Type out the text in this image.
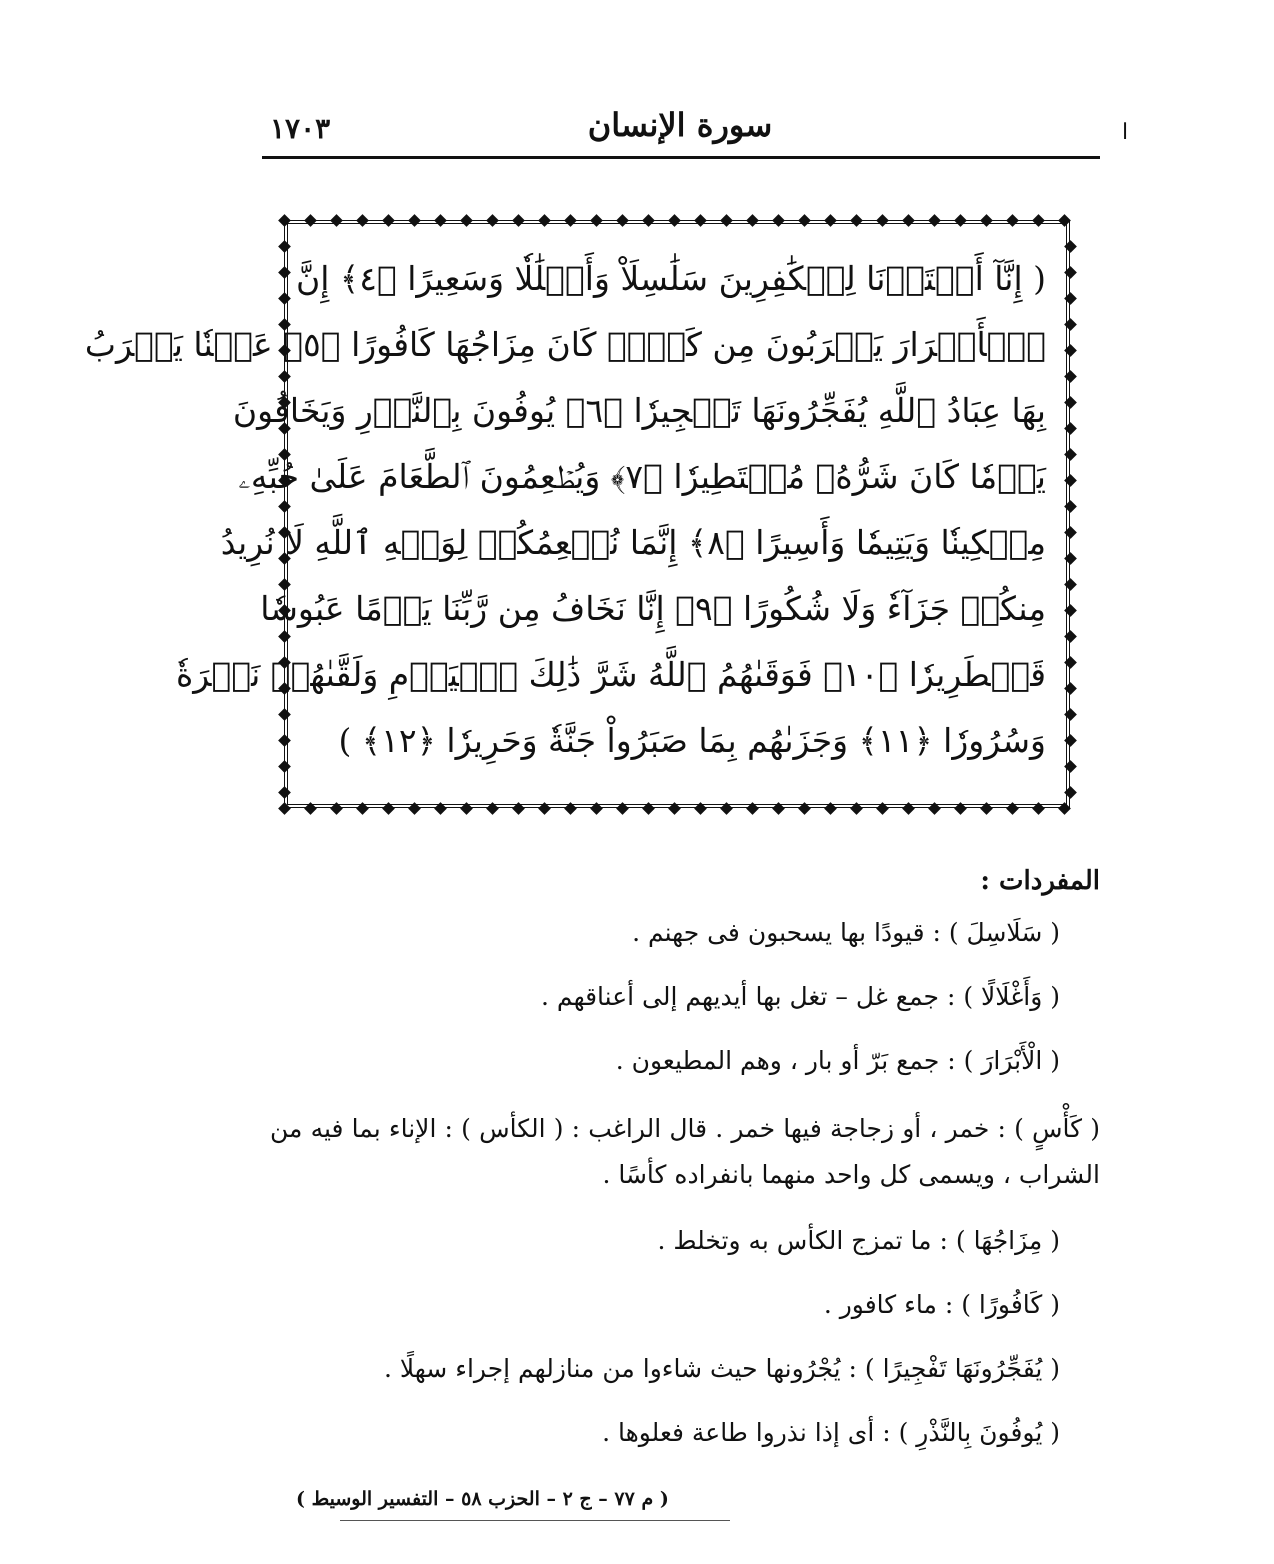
١٧٠٣	سورة الإنسان	ا
( إِنَّآ أَعۡتَدۡنَا لِلۡكَٰفِرِينَ سَلَٰسِلَاْ وَأَغۡلَٰلٗا وَسَعِيرًا ﴿٤﴾ إِنَّ
ٱلۡأَبۡرَارَ يَشۡرَبُونَ مِن كَأۡسٖ كَانَ مِزَاجُهَا كَافُورًا ﴿٥﴾ عَيۡنٗا يَشۡرَبُ
بِهَا عِبَادُ ٱللَّهِ يُفَجِّرُونَهَا تَفۡجِيرٗا ﴿٦﴾ يُوفُونَ بِٱلنَّذۡرِ وَيَخَافُونَ
يَوۡمٗا كَانَ شَرُّهُۥ مُسۡتَطِيرٗا ﴿٧﴾ وَيُطۡعِمُونَ ٱلطَّعَامَ عَلَىٰ حُبِّهِۦ
مِسۡكِينٗا وَيَتِيمٗا وَأَسِيرًا ﴿٨﴾ إِنَّمَا نُطۡعِمُكُمۡ لِوَجۡهِ ٱللَّهِ لَا نُرِيدُ
مِنكُمۡ جَزَآءٗ وَلَا شُكُورًا ﴿٩﴾ إِنَّا نَخَافُ مِن رَّبِّنَا يَوۡمًا عَبُوسٗا
قَمۡطَرِيرٗا ﴿١٠﴾ فَوَقَىٰهُمُ ٱللَّهُ شَرَّ ذَٰلِكَ ٱلۡيَوۡمِ وَلَقَّىٰهُمۡ نَضۡرَةٗ
وَسُرُورٗا ﴿١١﴾ وَجَزَىٰهُم بِمَا صَبَرُواْ جَنَّةٗ وَحَرِيرٗا ﴿١٢﴾ )
المفردات :
( سَلَاسِلَ ) : قيودًا بها يسحبون فى جهنم .
( وَأَغْلَالًا ) : جمع غل – تغل بها أيديهم إلى أعناقهم .
( الْأَبْرَارَ ) : جمع بَرّ أو بار ، وهم المطيعون .
( كَأْسٍ ) : خمر ، أو زجاجة فيها خمر . قال الراغب : ( الكأس ) : الإناء بما فيه من الشراب ، ويسمى كل واحد منهما بانفراده كأسًا .
( مِزَاجُهَا ) : ما تمزج الكأس به وتخلط .
( كَافُورًا ) : ماء كافور .
( يُفَجِّرُونَهَا تَفْجِيرًا ) : يُجْرُونها حيث شاءوا من منازلهم إجراء سهلًا .
( يُوفُونَ بِالنَّذْرِ ) : أى إذا نذروا طاعة فعلوها .
( م ٧٧ – ج ٢ – الحزب ٥٨ – التفسير الوسيط )
